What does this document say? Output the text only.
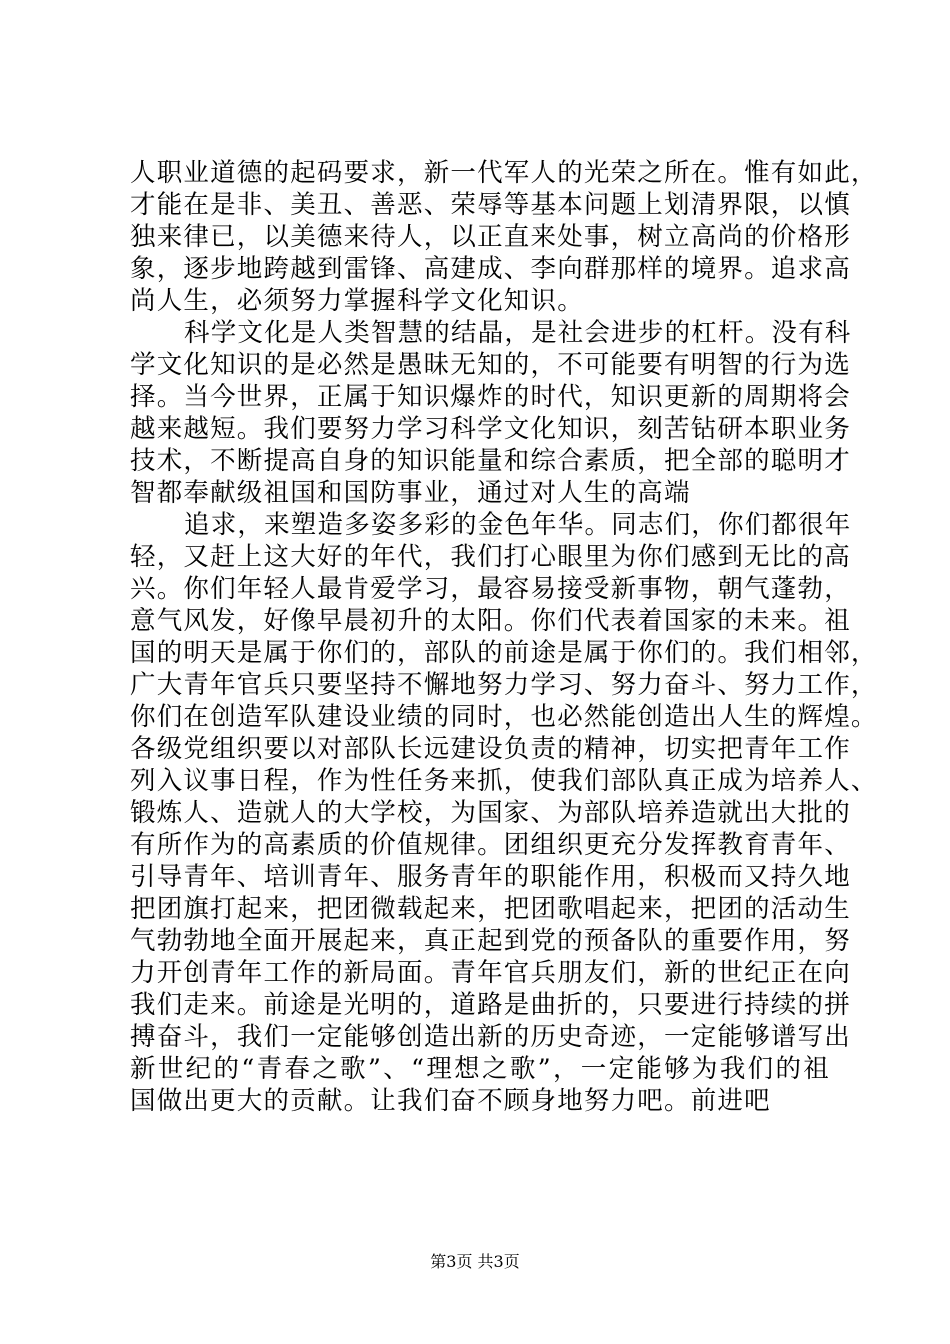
人职业道德的起码要求，新一代军人的光荣之所在。惟有如此，
才能在是非、美丑、善恶、荣辱等基本问题上划清界限，以慎
独来律已，以美德来待人，以正直来处事，树立高尚的价格形
象，逐步地跨越到雷锋、高建成、李向群那样的境界。追求高
尚人生，必须努力掌握科学文化知识。
科学文化是人类智慧的结晶，是社会进步的杠杆。没有科
学文化知识的是必然是愚昧无知的，不可能要有明智的行为选
择。当今世界，正属于知识爆炸的时代，知识更新的周期将会
越来越短。我们要努力学习科学文化知识，刻苦钻研本职业务
技术，不断提高自身的知识能量和综合素质，把全部的聪明才
智都奉献级祖国和国防事业，通过对人生的高端
追求，来塑造多姿多彩的金色年华。同志们，你们都很年
轻，又赶上这大好的年代，我们打心眼里为你们感到无比的高
兴。你们年轻人最肯爱学习，最容易接受新事物，朝气蓬勃，
意气风发，好像早晨初升的太阳。你们代表着国家的未来。祖
国的明天是属于你们的，部队的前途是属于你们的。我们相邻，
广大青年官兵只要坚持不懈地努力学习、努力奋斗、努力工作，
你们在创造军队建设业绩的同时，也必然能创造出人生的辉煌。
各级党组织要以对部队长远建设负责的精神，切实把青年工作
列入议事日程，作为性任务来抓，使我们部队真正成为培养人、
锻炼人、造就人的大学校，为国家、为部队培养造就出大批的
有所作为的高素质的价值规律。团组织更充分发挥教育青年、
引导青年、培训青年、服务青年的职能作用，积极而又持久地
把团旗打起来，把团微载起来，把团歌唱起来，把团的活动生
气勃勃地全面开展起来，真正起到党的预备队的重要作用，努
力开创青年工作的新局面。青年官兵朋友们，新的世纪正在向
我们走来。前途是光明的，道路是曲折的，只要进行持续的拼
搏奋斗，我们一定能够创造出新的历史奇迹，一定能够谱写出
新世纪的“青春之歌”、“理想之歌”，一定能够为我们的祖
国做出更大的贡献。让我们奋不顾身地努力吧。前进吧
第3页 共3页
